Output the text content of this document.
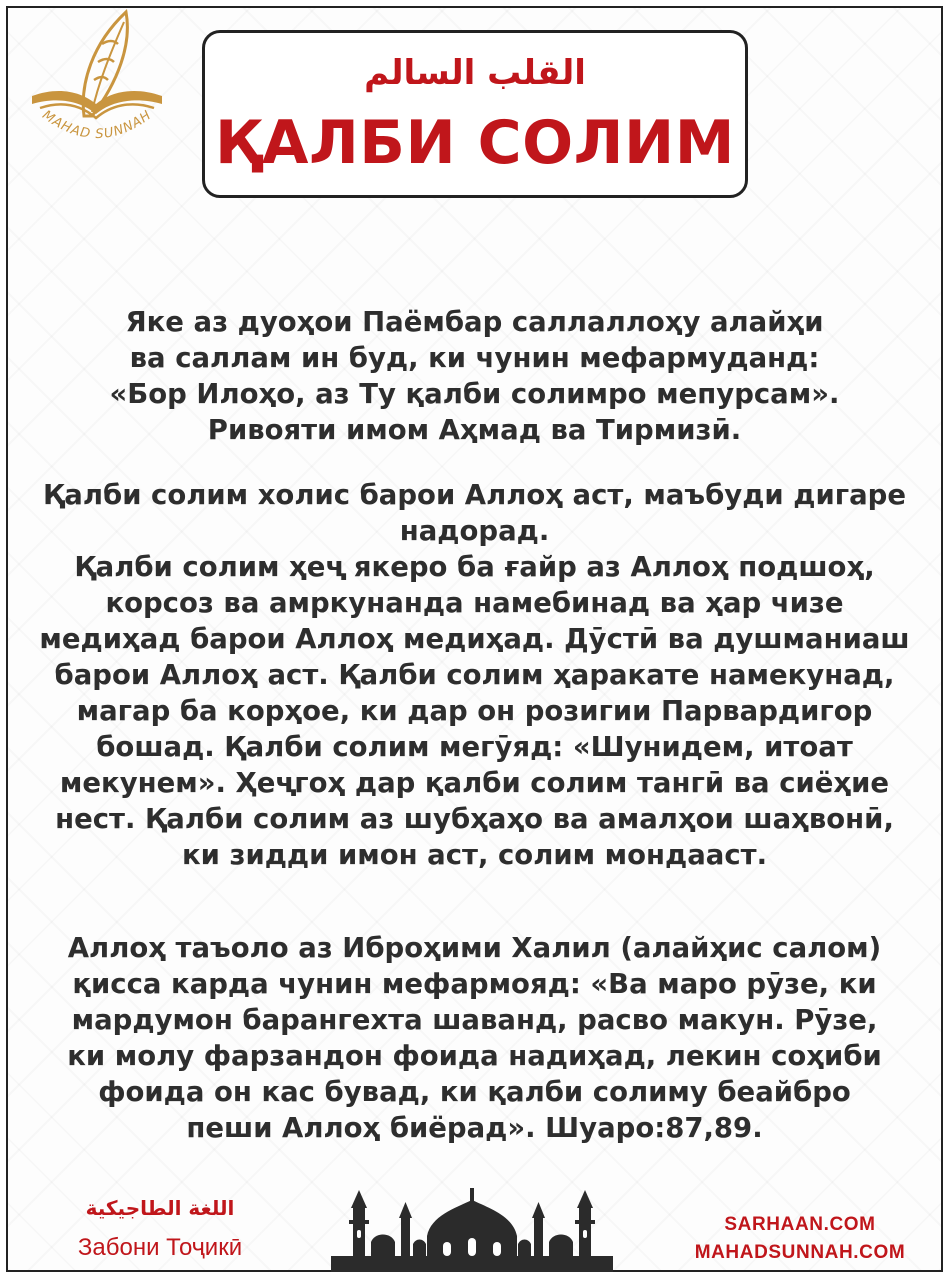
MAHAD SUNNAH
القلب السالم
ҚАЛБИ СОЛИМ
Яке аз дуоҳои Паёмбар саллаллоҳу алайҳи
ва саллам ин буд, ки чунин мефармуданд:
«Бор Илоҳо, аз Ту қалби солимро мепурсам».
Ривояти имом Аҳмад ва Тирмизӣ.
Қалби солим холис барои Аллоҳ аст, маъбуди дигаре
надорад.
Қалби солим ҳеҷ якеро ба ғайр аз Аллоҳ подшоҳ,
корсоз ва амркунанда намебинад ва ҳар чизе
медиҳад барои Аллоҳ медиҳад. Дӯстӣ ва душманиаш
барои Аллоҳ аст. Қалби солим ҳаракате намекунад,
магар ба корҳое, ки дар он розигии Парвардигор
бошад. Қалби солим мегӯяд: «Шунидем, итоат
мекунем». Ҳеҷгоҳ дар қалби солим тангӣ ва сиёҳие
нест. Қалби солим аз шубҳаҳо ва амалҳои шаҳвонӣ,
ки зидди имон аст, солим мондааст.
Аллоҳ таъоло аз Иброҳими Халил (алайҳис салом)
қисса карда чунин мефармояд: «Ва маро рӯзе, ки
мардумон барангехта шаванд, расво макун. Рӯзе,
ки молу фарзандон фоида надиҳад, лекин соҳиби
фоида он кас бувад, ки қалби солиму беайбро
пеши Аллоҳ биёрад». Шуаро:87,89.
اللغة الطاجيكية
Забони Тоҷикӣ
SARHAAN.COM
MAHADSUNNAH.COM
